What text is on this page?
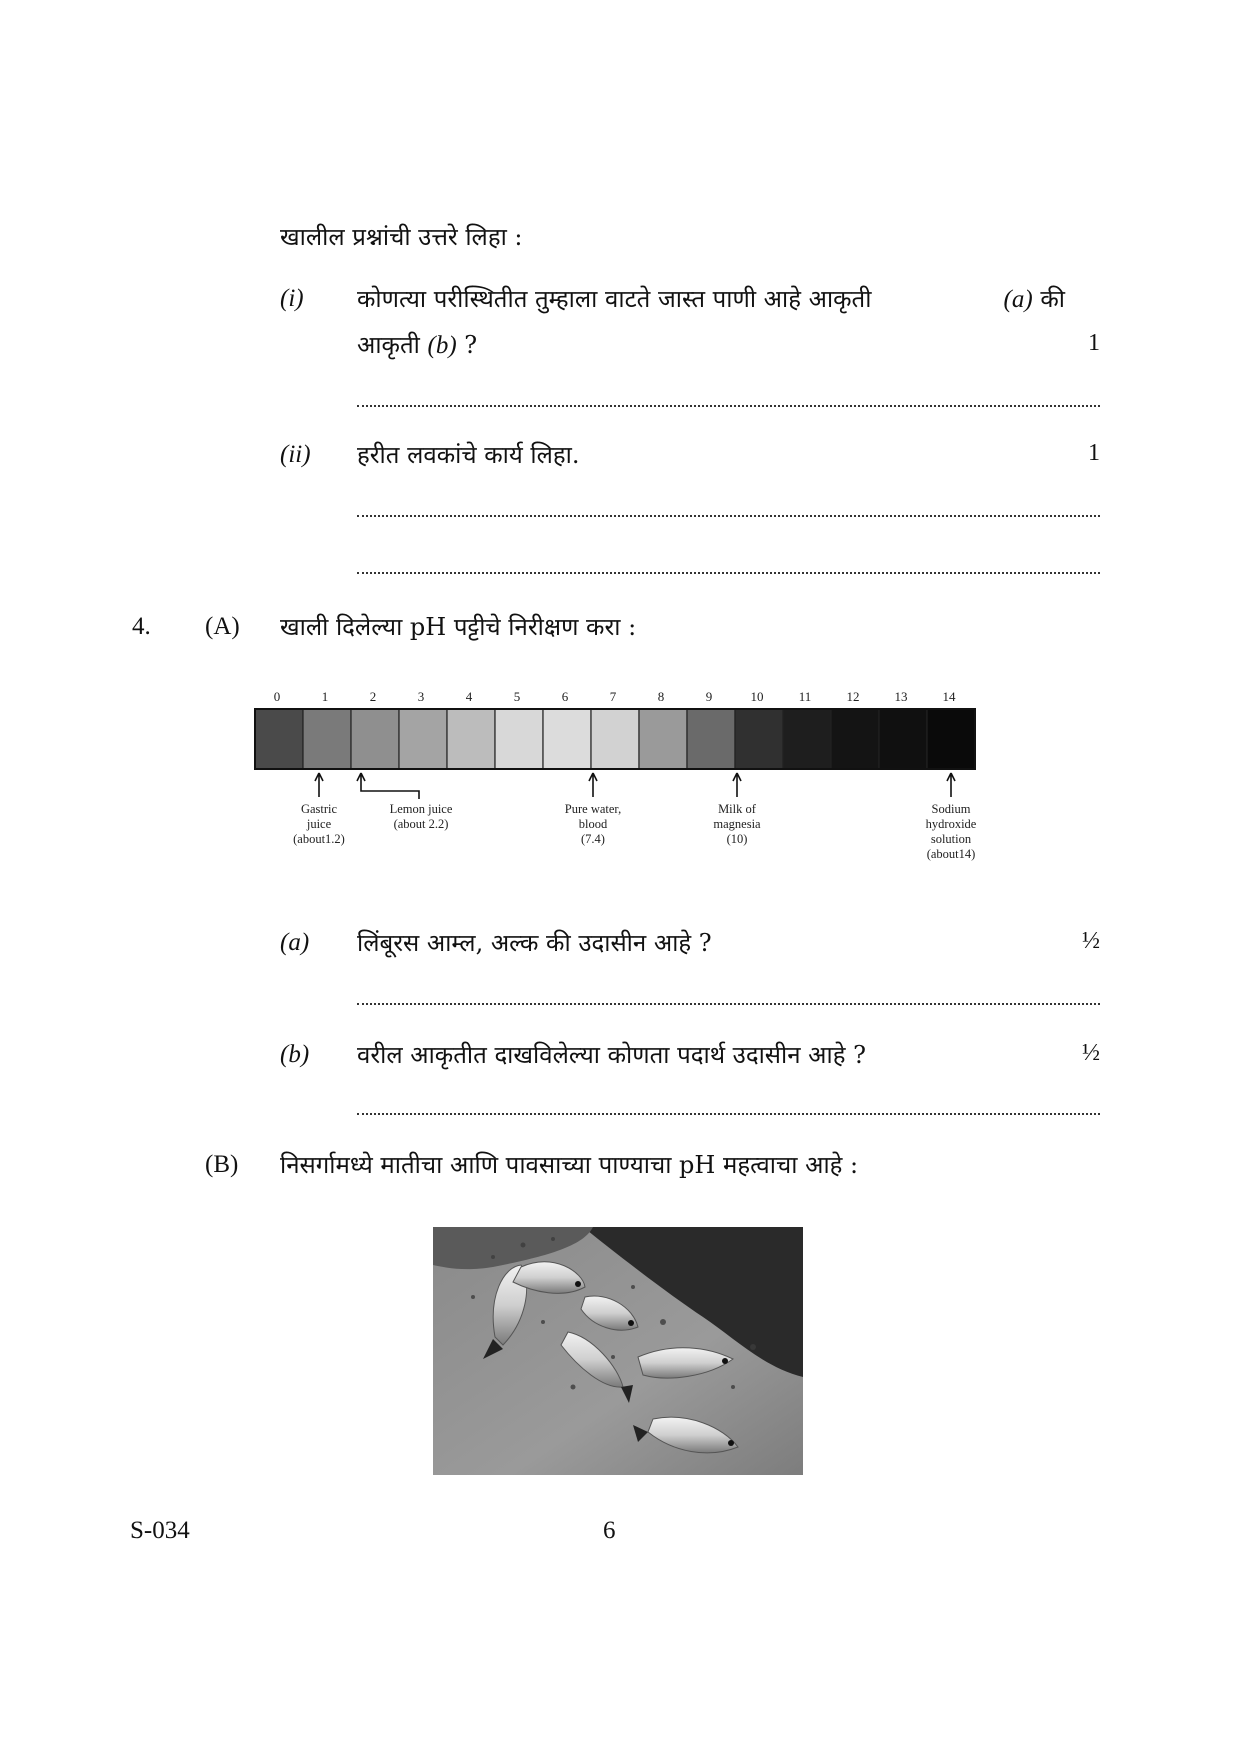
खालील प्रश्नांची उत्तरे लिहा :
(i) कोणत्या परीस्थितीत तुम्हाला वाटते जास्त पाणी आहे आकृती	(a) की
आकृती (b) ?	1
(ii) हरीत लवकांचे कार्य लिहा.	1
4. (A) खाली दिलेल्या pH पट्टीचे निरीक्षण करा :
0	1	2	3	4	5	6	7	8	9	10	11	12	13	14
Gastric
juice
(about1.2)
Lemon juice
(about 2.2)
Pure water,
blood
(7.4)
Milk of
magnesia
(10)
Sodium
hydroxide
solution
(about14)
(a) लिंबूरस आम्ल, अल्क की उदासीन आहे ?	½
(b) वरील आकृतीत दाखविलेल्या कोणता पदार्थ उदासीन आहे ?	½
(B) निसर्गामध्ये मातीचा आणि पावसाच्या पाण्याचा pH महत्वाचा आहे :
S-034	6
